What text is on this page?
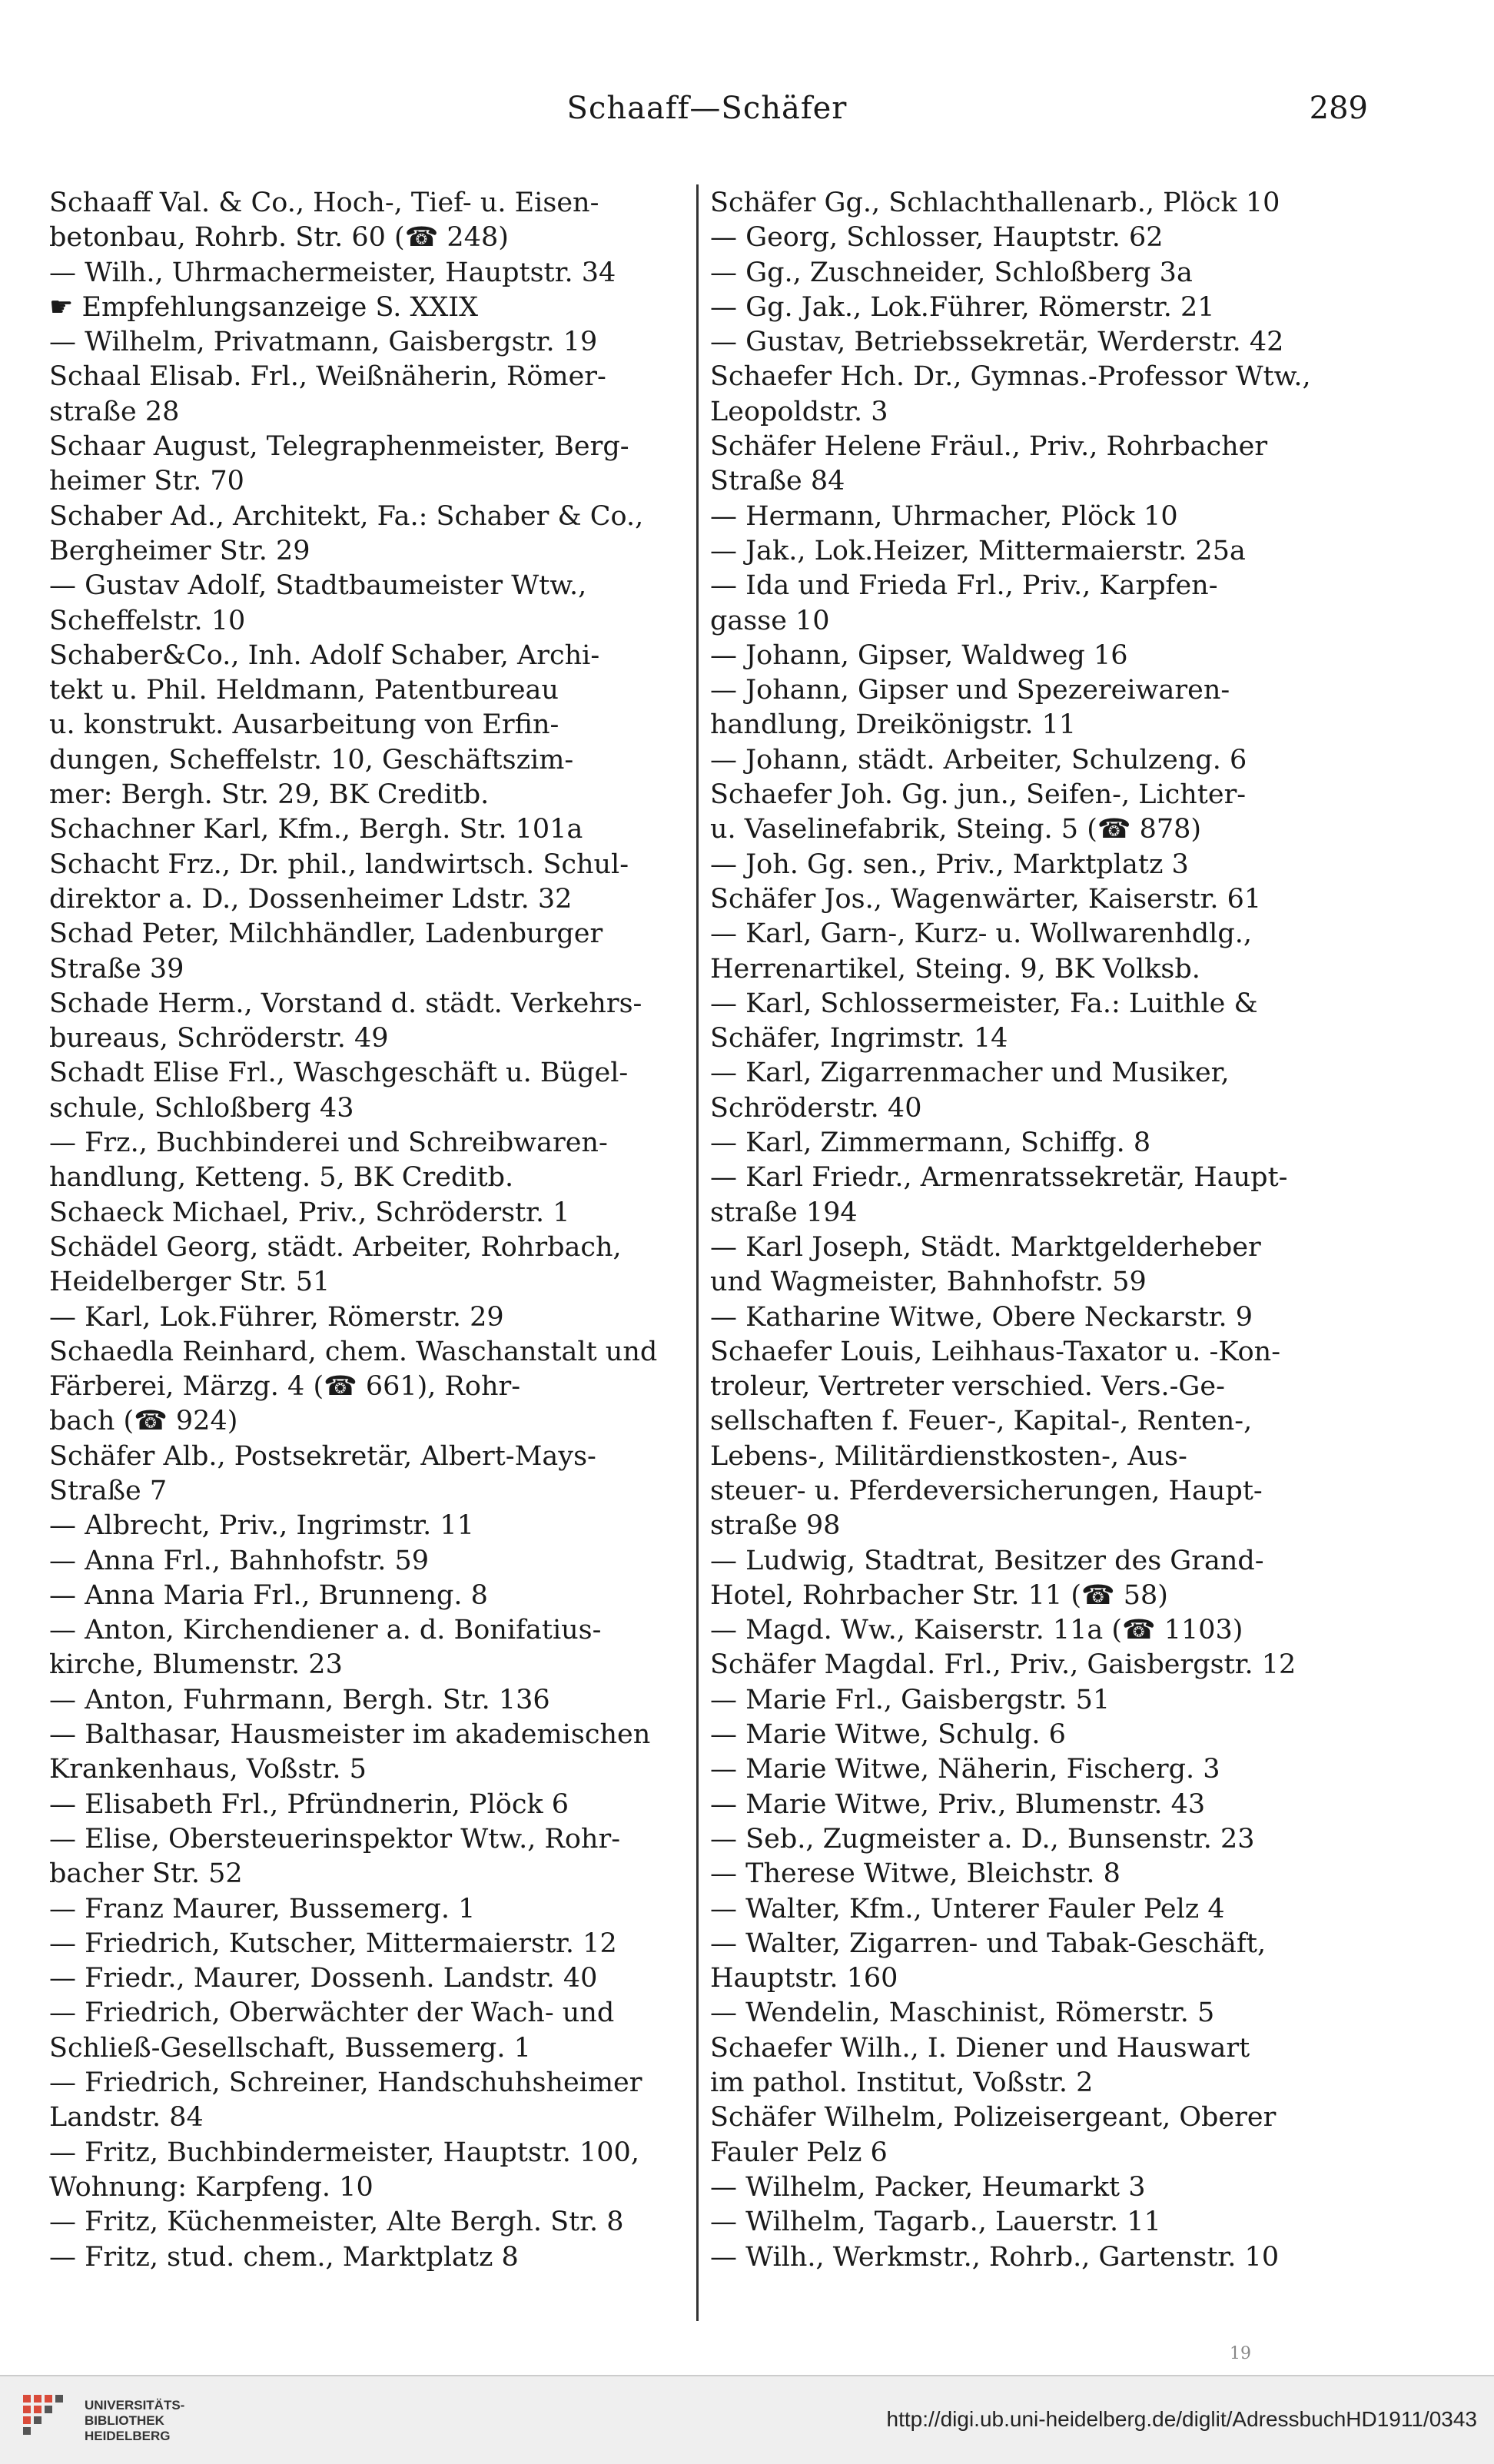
Schaaff—Schäfer	289
Schaaff Val. & Co., Hoch-, Tief- u. Eisen-
betonbau, Rohrb. Str. 60 (☎ 248)
— Wilh., Uhrmachermeister, Hauptstr. 34
☛ Empfehlungsanzeige S. XXIX
— Wilhelm, Privatmann, Gaisbergstr. 19
Schaal Elisab. Frl., Weißnäherin, Römer-
straße 28
Schaar August, Telegraphenmeister, Berg-
heimer Str. 70
Schaber Ad., Architekt, Fa.: Schaber & Co.,
Bergheimer Str. 29
— Gustav Adolf, Stadtbaumeister Wtw.,
Scheffelstr. 10
Schaber&Co., Inh. Adolf Schaber, Archi-
tekt u. Phil. Heldmann, Patentbureau
u. konstrukt. Ausarbeitung von Erfin-
dungen, Scheffelstr. 10, Geschäftszim-
mer: Bergh. Str. 29, BK Creditb.
Schachner Karl, Kfm., Bergh. Str. 101a
Schacht Frz., Dr. phil., landwirtsch. Schul-
direktor a. D., Dossenheimer Ldstr. 32
Schad Peter, Milchhändler, Ladenburger
Straße 39
Schade Herm., Vorstand d. städt. Verkehrs-
bureaus, Schröderstr. 49
Schadt Elise Frl., Waschgeschäft u. Bügel-
schule, Schloßberg 43
— Frz., Buchbinderei und Schreibwaren-
handlung, Ketteng. 5, BK Creditb.
Schaeck Michael, Priv., Schröderstr. 1
Schädel Georg, städt. Arbeiter, Rohrbach,
Heidelberger Str. 51
— Karl, Lok.Führer, Römerstr. 29
Schaedla Reinhard, chem. Waschanstalt und
Färberei, Märzg. 4 (☎ 661), Rohr-
bach (☎ 924)
Schäfer Alb., Postsekretär, Albert-Mays-
Straße 7
— Albrecht, Priv., Ingrimstr. 11
— Anna Frl., Bahnhofstr. 59
— Anna Maria Frl., Brunneng. 8
— Anton, Kirchendiener a. d. Bonifatius-
kirche, Blumenstr. 23
— Anton, Fuhrmann, Bergh. Str. 136
— Balthasar, Hausmeister im akademischen
Krankenhaus, Voßstr. 5
— Elisabeth Frl., Pfründnerin, Plöck 6
— Elise, Obersteuerinspektor Wtw., Rohr-
bacher Str. 52
— Franz Maurer, Bussemerg. 1
— Friedrich, Kutscher, Mittermaierstr. 12
— Friedr., Maurer, Dossenh. Landstr. 40
— Friedrich, Oberwächter der Wach- und
Schließ-Gesellschaft, Bussemerg. 1
— Friedrich, Schreiner, Handschuhsheimer
Landstr. 84
— Fritz, Buchbindermeister, Hauptstr. 100,
Wohnung: Karpfeng. 10
— Fritz, Küchenmeister, Alte Bergh. Str. 8
— Fritz, stud. chem., Marktplatz 8
Schäfer Gg., Schlachthallenarb., Plöck 10
— Georg, Schlosser, Hauptstr. 62
— Gg., Zuschneider, Schloßberg 3a
— Gg. Jak., Lok.Führer, Römerstr. 21
— Gustav, Betriebssekretär, Werderstr. 42
Schaefer Hch. Dr., Gymnas.-Professor Wtw.,
Leopoldstr. 3
Schäfer Helene Fräul., Priv., Rohrbacher
Straße 84
— Hermann, Uhrmacher, Plöck 10
— Jak., Lok.Heizer, Mittermaierstr. 25a
— Ida und Frieda Frl., Priv., Karpfen-
gasse 10
— Johann, Gipser, Waldweg 16
— Johann, Gipser und Spezereiwaren-
handlung, Dreikönigstr. 11
— Johann, städt. Arbeiter, Schulzeng. 6
Schaefer Joh. Gg. jun., Seifen-, Lichter-
u. Vaselinefabrik, Steing. 5 (☎ 878)
— Joh. Gg. sen., Priv., Marktplatz 3
Schäfer Jos., Wagenwärter, Kaiserstr. 61
— Karl, Garn-, Kurz- u. Wollwarenhdlg.,
Herrenartikel, Steing. 9, BK Volksb.
— Karl, Schlossermeister, Fa.: Luithle &
Schäfer, Ingrimstr. 14
— Karl, Zigarrenmacher und Musiker,
Schröderstr. 40
— Karl, Zimmermann, Schiffg. 8
— Karl Friedr., Armenratssekretär, Haupt-
straße 194
— Karl Joseph, Städt. Marktgelderheber
und Wagmeister, Bahnhofstr. 59
— Katharine Witwe, Obere Neckarstr. 9
Schaefer Louis, Leihhaus-Taxator u. -Kon-
troleur, Vertreter verschied. Vers.-Ge-
sellschaften f. Feuer-, Kapital-, Renten-,
Lebens-, Militärdienstkosten-, Aus-
steuer- u. Pferdeversicherungen, Haupt-
straße 98
— Ludwig, Stadtrat, Besitzer des Grand-
Hotel, Rohrbacher Str. 11 (☎ 58)
— Magd. Ww., Kaiserstr. 11a (☎ 1103)
Schäfer Magdal. Frl., Priv., Gaisbergstr. 12
— Marie Frl., Gaisbergstr. 51
— Marie Witwe, Schulg. 6
— Marie Witwe, Näherin, Fischerg. 3
— Marie Witwe, Priv., Blumenstr. 43
— Seb., Zugmeister a. D., Bunsenstr. 23
— Therese Witwe, Bleichstr. 8
— Walter, Kfm., Unterer Fauler Pelz 4
— Walter, Zigarren- und Tabak-Geschäft,
Hauptstr. 160
— Wendelin, Maschinist, Römerstr. 5
Schaefer Wilh., I. Diener und Hauswart
im pathol. Institut, Voßstr. 2
Schäfer Wilhelm, Polizeisergeant, Oberer
Fauler Pelz 6
— Wilhelm, Packer, Heumarkt 3
— Wilhelm, Tagarb., Lauerstr. 11
— Wilh., Werkmstr., Rohrb., Gartenstr. 10
19
UNIVERSITÄTS-
BIBLIOTHEK
HEIDELBERG
http://digi.ub.uni-heidelberg.de/diglit/AdressbuchHD1911/0343
